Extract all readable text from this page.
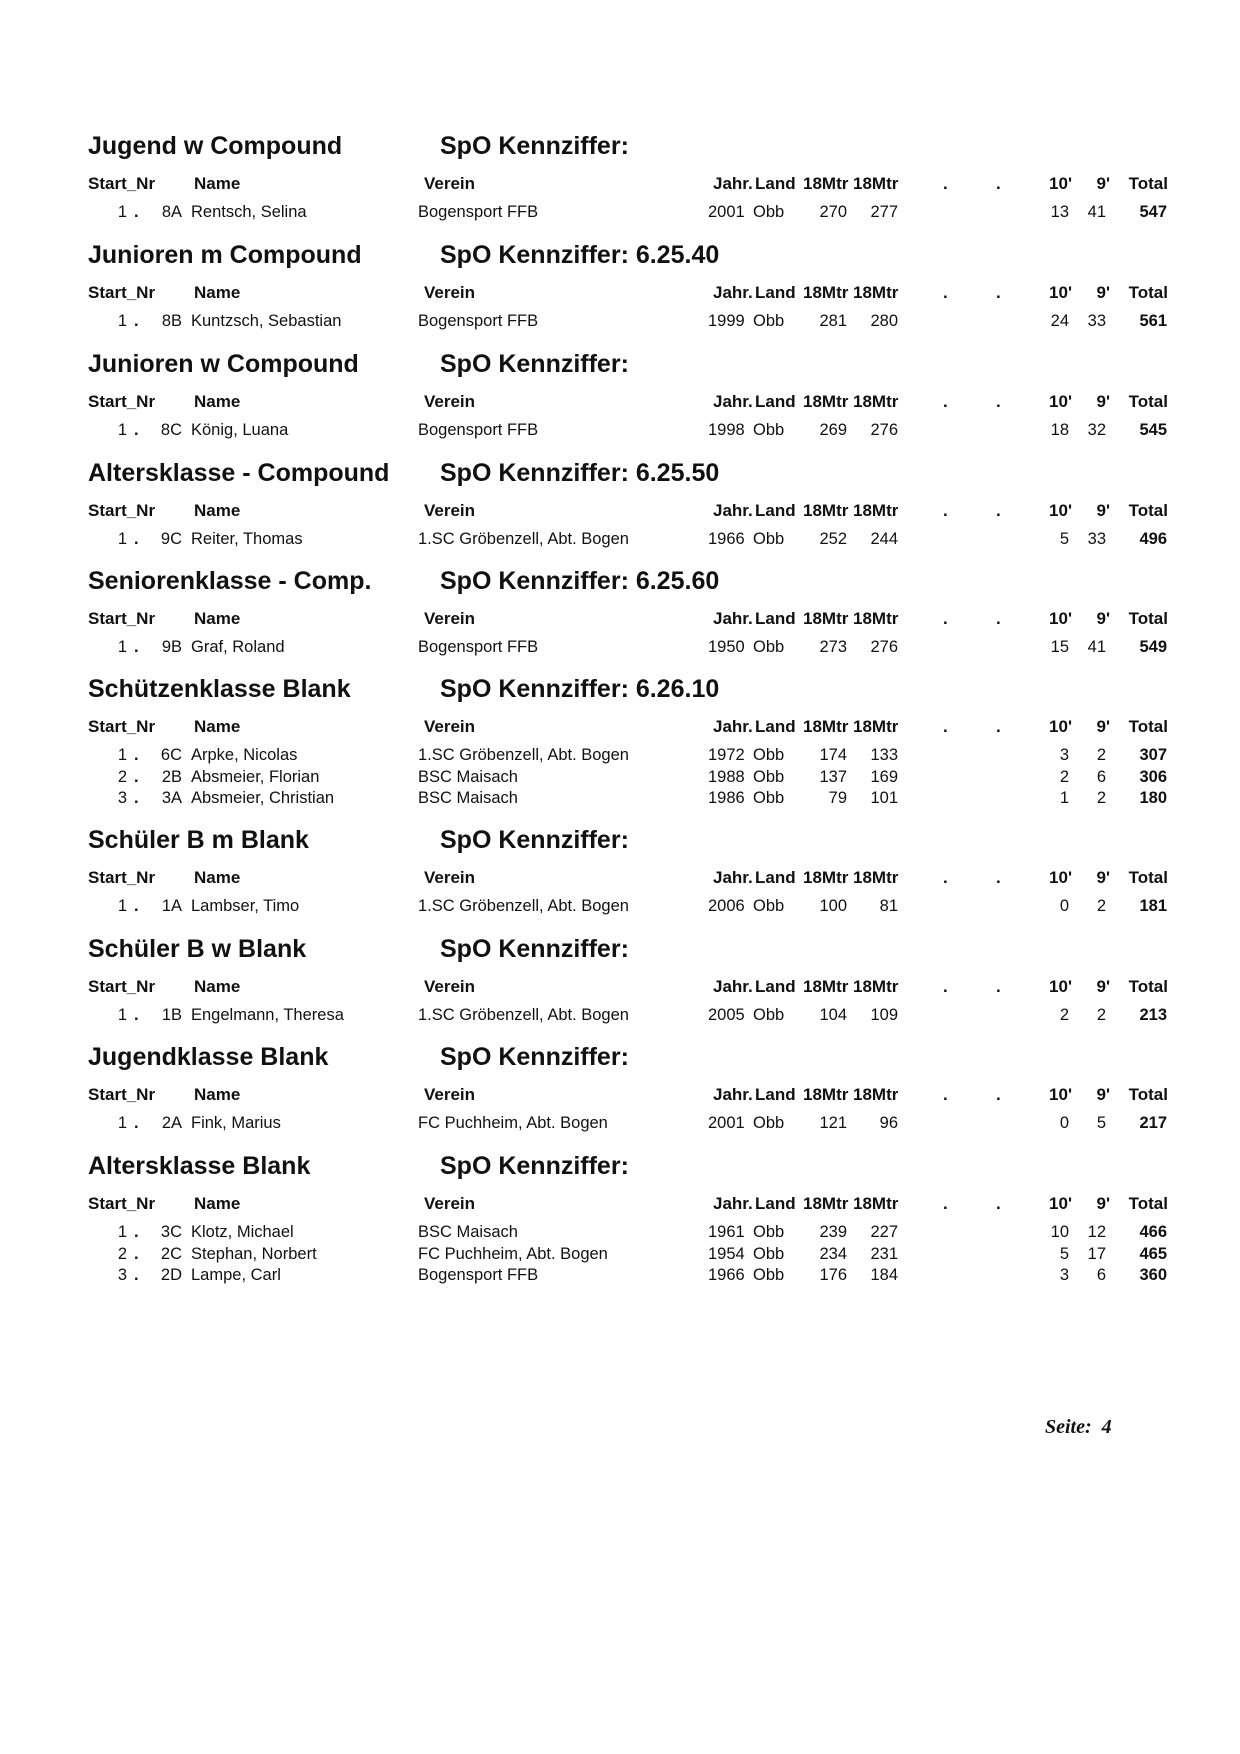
Jugend w Compound	SpO Kennziffer:
Start_Nr Name	Verein	Jahr. Land 18Mtr 18Mtr	.	.	10' 9' Total
1 . 8A Rentsch, Selina	Bogensport FFB	2001 Obb 270 277	13 41 547
Junioren m Compound	SpO Kennziffer: 6.25.40
Start_Nr Name	Verein	Jahr. Land 18Mtr 18Mtr	.	.	10' 9' Total
1 . 8B Kuntzsch, Sebastian	Bogensport FFB	1999 Obb 281 280	24 33 561
Junioren w Compound	SpO Kennziffer:
Start_Nr Name	Verein	Jahr. Land 18Mtr 18Mtr	.	.	10' 9' Total
1 . 8C König, Luana	Bogensport FFB	1998 Obb 269 276	18 32 545
Altersklasse - Compound SpO Kennziffer: 6.25.50
Start_Nr Name	Verein	Jahr. Land 18Mtr 18Mtr	.	.	10' 9' Total
1 . 9C Reiter, Thomas	1.SC Gröbenzell, Abt. Bogen	1966 Obb 252 244	5 33 496
Seniorenklasse - Comp.	SpO Kennziffer: 6.25.60
Start_Nr Name	Verein	Jahr. Land 18Mtr 18Mtr	.	.	10' 9' Total
1 . 9B Graf, Roland	Bogensport FFB	1950 Obb 273 276	15 41 549
Schützenklasse Blank	SpO Kennziffer: 6.26.10
Start_Nr Name	Verein	Jahr. Land 18Mtr 18Mtr	.	.	10' 9' Total
1 . 6C Arpke, Nicolas	1.SC Gröbenzell, Abt. Bogen	1972 Obb 174 133	3 2 307
2 . 2B Absmeier, Florian	BSC Maisach	1988 Obb 137 169	2 6 306
3 . 3A Absmeier, Christian	BSC Maisach	1986 Obb	79 101	1 2 180
Schüler B m Blank	SpO Kennziffer:
Start_Nr Name	Verein	Jahr. Land 18Mtr 18Mtr	.	.	10' 9' Total
1 . 1A Lambser, Timo	1.SC Gröbenzell, Abt. Bogen	2006 Obb 100 81	0 2 181
Schüler B w Blank	SpO Kennziffer:
Start_Nr Name	Verein	Jahr. Land 18Mtr 18Mtr	.	.	10' 9' Total
1 . 1B Engelmann, Theresa	1.SC Gröbenzell, Abt. Bogen	2005 Obb 104 109	2 2 213
Jugendklasse Blank	SpO Kennziffer:
Start_Nr Name	Verein	Jahr. Land 18Mtr 18Mtr	.	.	10' 9' Total
1 . 2A Fink, Marius	FC Puchheim, Abt. Bogen	2001 Obb 121 96	0 5 217
Altersklasse Blank	SpO Kennziffer:
Start_Nr Name	Verein	Jahr. Land 18Mtr 18Mtr	.	.	10' 9' Total
1 . 3C Klotz, Michael	BSC Maisach	1961 Obb 239 227	10 12 466
2 . 2C Stephan, Norbert	FC Puchheim, Abt. Bogen	1954 Obb 234 231	5 17 465
3 . 2D Lampe, Carl	Bogensport FFB	1966 Obb 176 184	3 6 360
Seite: 4
